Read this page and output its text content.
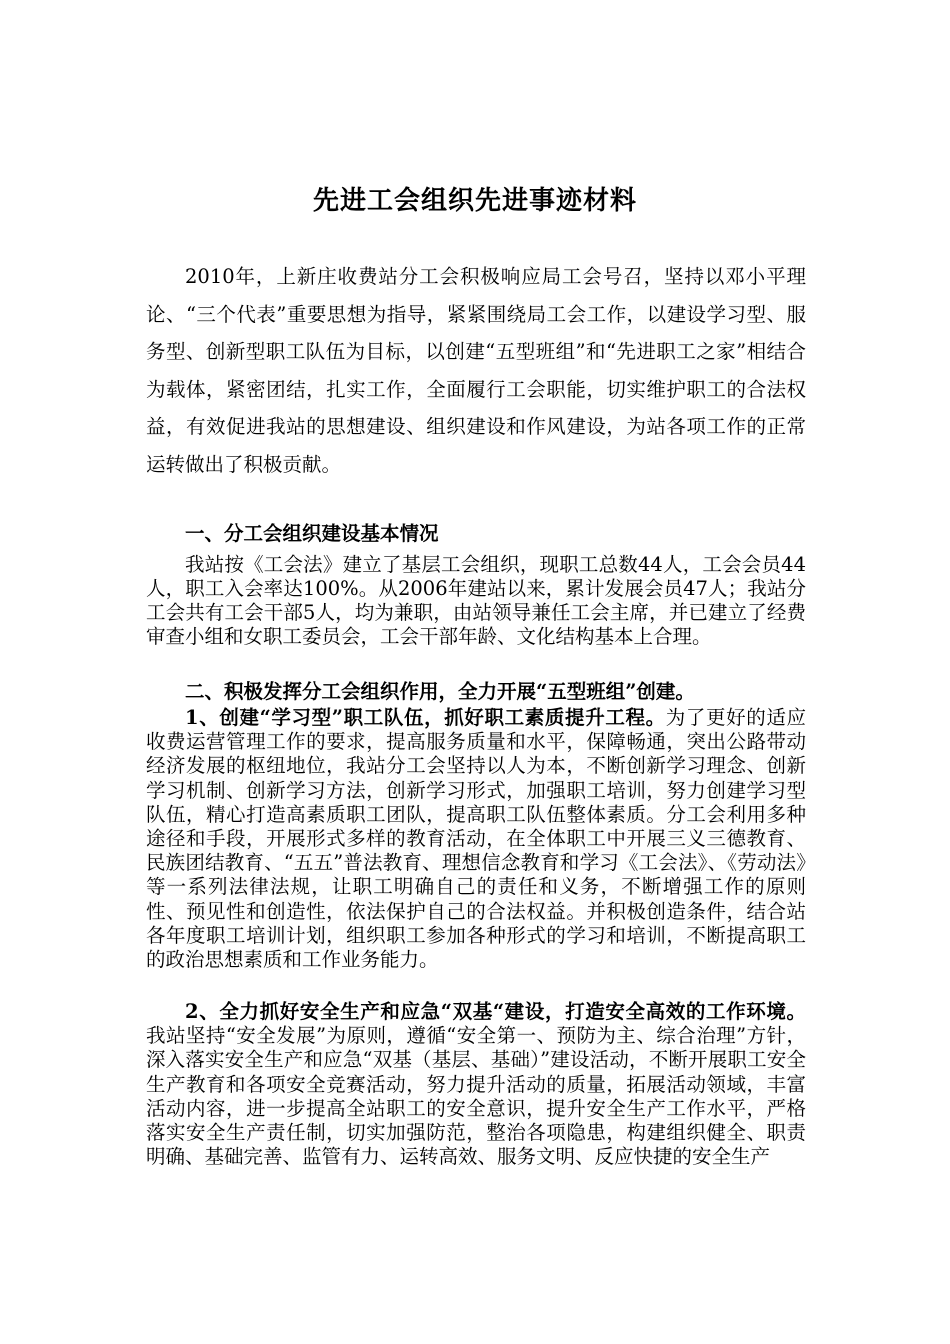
先进工会组织先进事迹材料

2010年，上新庄收费站分工会积极响应局工会号召，坚持以邓小平理论、“三个代表”重要思想为指导，紧紧围绕局工会工作，以建设学习型、服务型、创新型职工队伍为目标，以创建“五型班组”和“先进职工之家”相结合为载体，紧密团结，扎实工作，全面履行工会职能，切实维护职工的合法权益，有效促进我站的思想建设、组织建设和作风建设，为站各项工作的正常运转做出了积极贡献。

一、分工会组织建设基本情况

我站按《工会法》建立了基层工会组织，现职工总数44人，工会会员44人，职工入会率达100%。从2006年建站以来，累计发展会员47人；我站分工会共有工会干部5人，均为兼职，由站领导兼任工会主席，并已建立了经费审查小组和女职工委员会，工会干部年龄、文化结构基本上合理。

二、积极发挥分工会组织作用，全力开展“五型班组”创建。

1、创建“学习型”职工队伍，抓好职工素质提升工程。为了更好的适应收费运营管理工作的要求，提高服务质量和水平，保障畅通，突出公路带动经济发展的枢纽地位，我站分工会坚持以人为本，不断创新学习理念、创新学习机制、创新学习方法，创新学习形式，加强职工培训，努力创建学习型队伍，精心打造高素质职工团队，提高职工队伍整体素质。分工会利用多种途径和手段，开展形式多样的教育活动，在全体职工中开展三义三德教育、民族团结教育、“五五”普法教育、理想信念教育和学习《工会法》、《劳动法》等一系列法律法规，让职工明确自己的责任和义务，不断增强工作的原则性、预见性和创造性，依法保护自己的合法权益。并积极创造条件，结合站各年度职工培训计划，组织职工参加各种形式的学习和培训，不断提高职工的政治思想素质和工作业务能力。

2、全力抓好安全生产和应急“双基“建设，打造安全高效的工作环境。我站坚持“安全发展”为原则，遵循“安全第一、预防为主、综合治理”方针，深入落实安全生产和应急“双基（基层、基础）”建设活动，不断开展职工安全生产教育和各项安全竞赛活动，努力提升活动的质量，拓展活动领域，丰富活动内容，进一步提高全站职工的安全意识，提升安全生产工作水平，严格落实安全生产责任制，切实加强防范，整治各项隐患，构建组织健全、职责明确、基础完善、监管有力、运转高效、服务文明、反应快捷的安全生产
